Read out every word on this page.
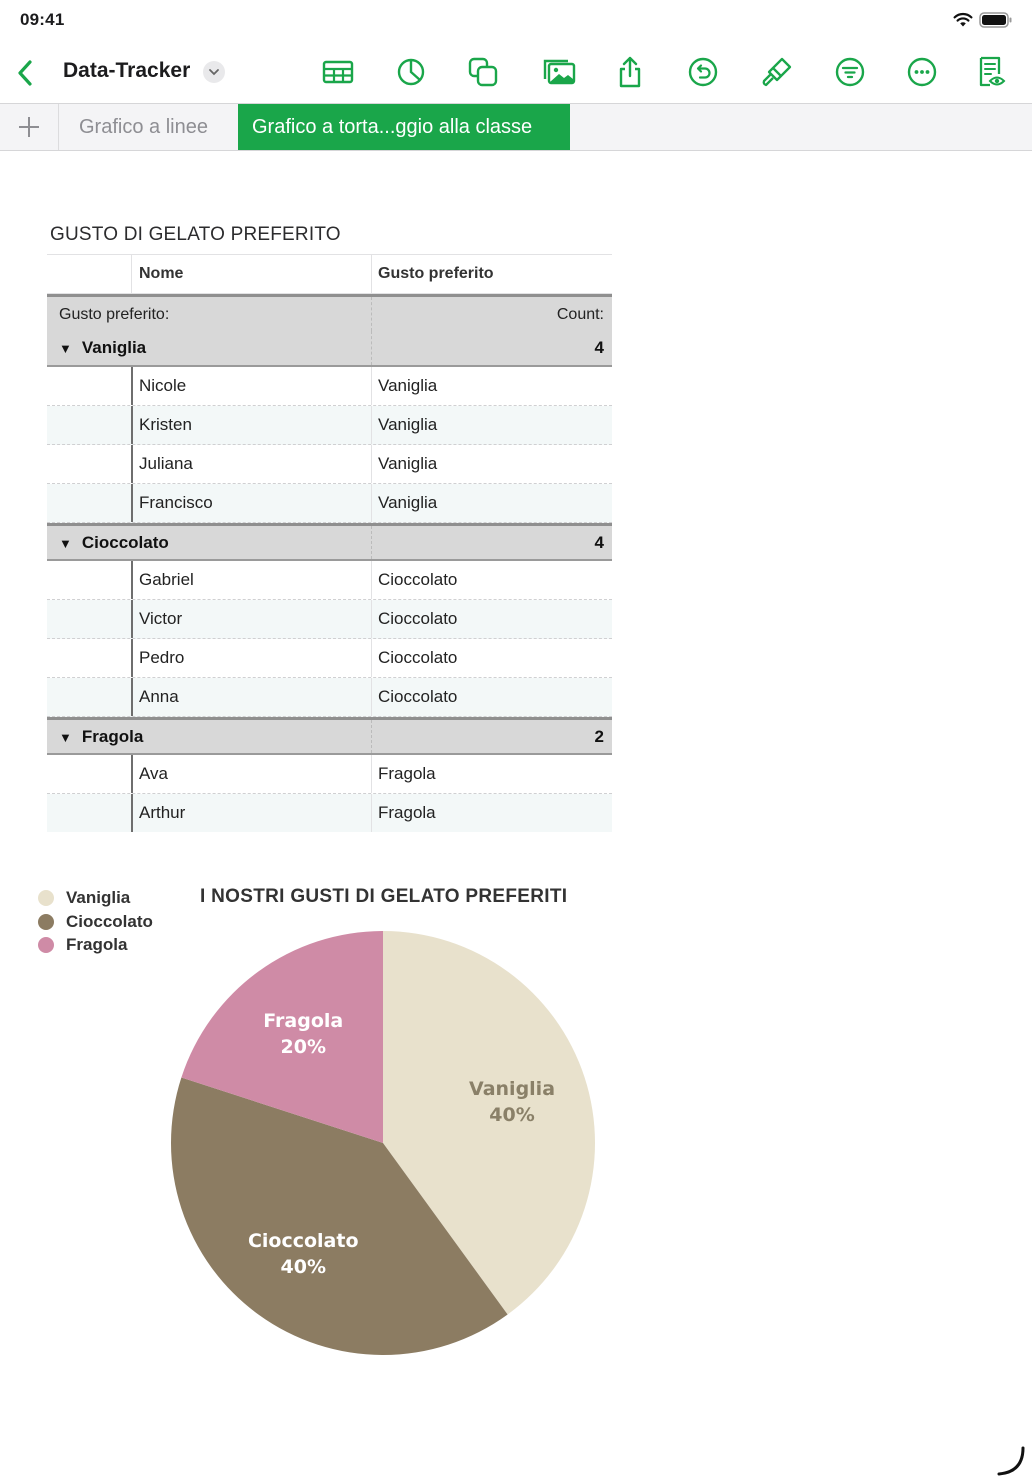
09:41
Data-Tracker
Grafico a linee	Grafico a torta...ggio alla classe
GUSTO DI GELATO PREFERITO
Nome	Gusto preferito
Gusto preferito:	Count:
▼ Vaniglia	4
Nicole	Vaniglia
Kristen	Vaniglia
Juliana	Vaniglia
Francisco	Vaniglia
▼ Cioccolato	4
Gabriel	Cioccolato
Victor	Cioccolato
Pedro	Cioccolato
Anna	Cioccolato
▼ Fragola	2
Ava	Fragola
Arthur	Fragola
Vaniglia
Cioccolato
Fragola
I NOSTRI GUSTI DI GELATO PREFERITI
Vaniglia
40%
Cioccolato
40%
Fragola
20%
